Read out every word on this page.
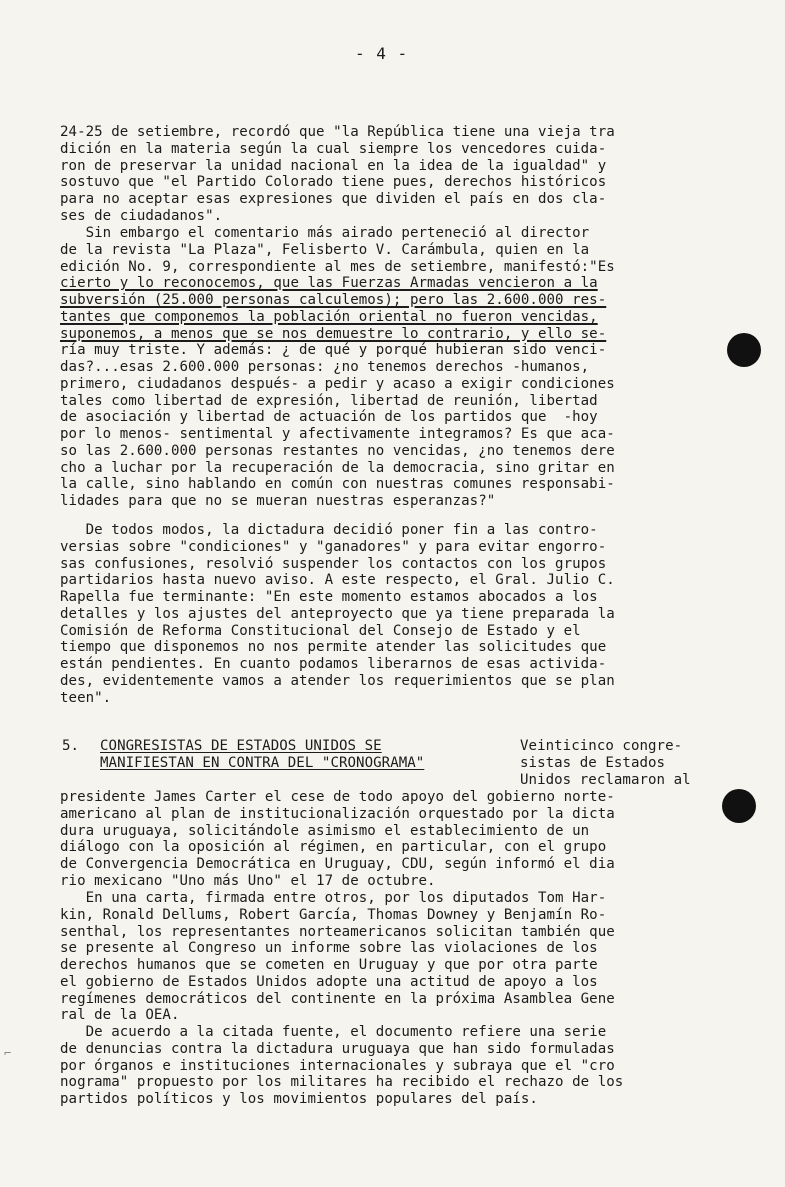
- 4 -
24-25 de setiembre, recordó que "la República tiene una vieja tra
dición en la materia según la cual siempre los vencedores cuida-
ron de preservar la unidad nacional en la idea de la igualdad" y
sostuvo que "el Partido Colorado tiene pues, derechos históricos
para no aceptar esas expresiones que dividen el país en dos cla-
ses de ciudadanos".
Sin embargo el comentario más airado perteneció al director
de la revista "La Plaza", Felisberto V. Carámbula, quien en la
edición No. 9, correspondiente al mes de setiembre, manifestó:"Es
cierto y lo reconocemos, que las Fuerzas Armadas vencieron a la
subversión (25.000 personas calculemos); pero las 2.600.000 res-
tantes que componemos la población oriental no fueron vencidas,
suponemos, a menos que se nos demuestre lo contrario, y ello se-
ría muy triste. Y además: ¿ de qué y porqué hubieran sido venci-
das?...esas 2.600.000 personas: ¿no tenemos derechos -humanos,
primero, ciudadanos después- a pedir y acaso a exigir condiciones
tales como libertad de expresión, libertad de reunión, libertad
de asociación y libertad de actuación de los partidos que  -hoy
por lo menos- sentimental y afectivamente integramos? Es que aca-
so las 2.600.000 personas restantes no vencidas, ¿no tenemos dere
cho a luchar por la recuperación de la democracia, sino gritar en
la calle, sino hablando en común con nuestras comunes responsabi-
lidades para que no se mueran nuestras esperanzas?"
De todos modos, la dictadura decidió poner fin a las contro-
versias sobre "condiciones" y "ganadores" y para evitar engorro-
sas confusiones, resolvió suspender los contactos con los grupos
partidarios hasta nuevo aviso. A este respecto, el Gral. Julio C.
Rapella fue terminante: "En este momento estamos abocados a los
detalles y los ajustes del anteproyecto que ya tiene preparada la
Comisión de Reforma Constitucional del Consejo de Estado y el
tiempo que disponemos no nos permite atender las solicitudes que
están pendientes. En cuanto podamos liberarnos de esas activida-
des, evidentemente vamos a atender los requerimientos que se plan
teen".
5. CONGRESISTAS DE ESTADOS UNIDOS SE
MANIFIESTAN EN CONTRA DEL "CRONOGRAMA"
Veinticinco congre-
sistas de Estados
Unidos reclamaron al
presidente James Carter el cese de todo apoyo del gobierno norte-
americano al plan de institucionalización orquestado por la dicta
dura uruguaya, solicitándole asimismo el establecimiento de un
diálogo con la oposición al régimen, en particular, con el grupo
de Convergencia Democrática en Uruguay, CDU, según informó el dia
rio mexicano "Uno más Uno" el 17 de octubre.
En una carta, firmada entre otros, por los diputados Tom Har-
kin, Ronald Dellums, Robert García, Thomas Downey y Benjamín Ro-
senthal, los representantes norteamericanos solicitan también que
se presente al Congreso un informe sobre las violaciones de los
derechos humanos que se cometen en Uruguay y que por otra parte
el gobierno de Estados Unidos adopte una actitud de apoyo a los
regímenes democráticos del continente en la próxima Asamblea Gene
ral de la OEA.
De acuerdo a la citada fuente, el documento refiere una serie
de denuncias contra la dictadura uruguaya que han sido formuladas
por órganos e instituciones internacionales y subraya que el "cro
nograma" propuesto por los militares ha recibido el rechazo de los
partidos políticos y los movimientos populares del país.
⌐
